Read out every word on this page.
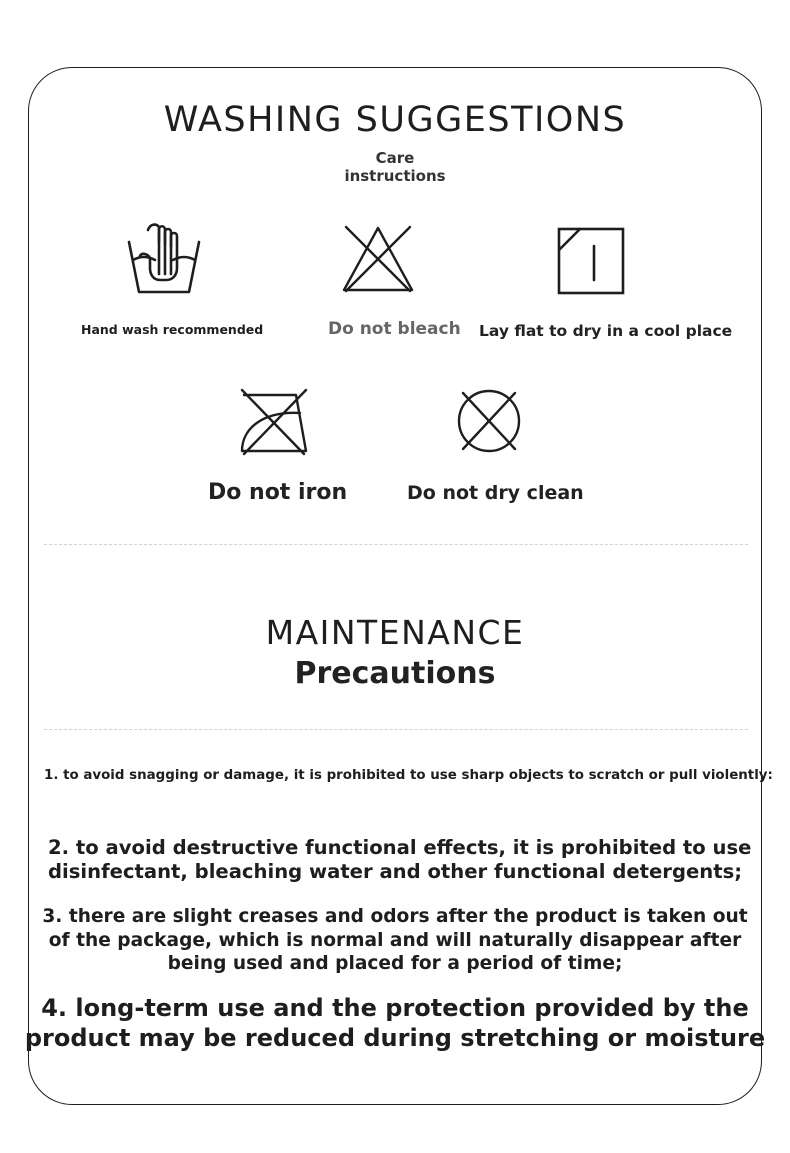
WASHING SUGGESTIONS
Care
instructions
Hand wash recommended	Do not bleach Lay flat to dry in a cool place
Do not iron	Do not dry clean
MAINTENANCE
Precautions
1. to avoid snagging or damage, it is prohibited to use sharp objects to scratch or pull violently:
2. to avoid destructive functional effects, it is prohibited to use
disinfectant, bleaching water and other functional detergents;
3. there are slight creases and odors after the product is taken out
of the package, which is normal and will naturally disappear after
being used and placed for a period of time;
4. long-term use and the protection provided by the
product may be reduced during stretching or moisture
